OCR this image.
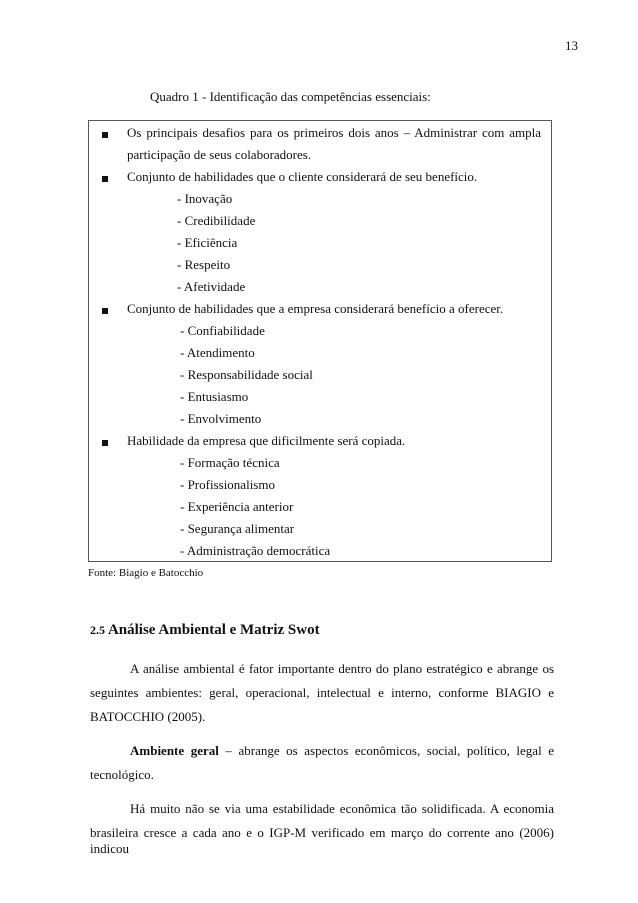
13
Quadro 1 - Identificação das competências essenciais:
Os principais desafios para os primeiros dois anos – Administrar com ampla
participação de seus colaboradores.
Conjunto de habilidades que o cliente considerará de seu benefício.
- Inovação
- Credibilidade
- Eficiência
- Respeito
- Afetividade
Conjunto de habilidades que a empresa considerará benefício a oferecer.
- Confiabilidade
- Atendimento
- Responsabilidade social
- Entusiasmo
- Envolvimento
Habilidade da empresa que dificilmente será copiada.
- Formação técnica
- Profissionalismo
- Experiência anterior
- Segurança alimentar
- Administração democrática
Fonte: Biagio e Batocchio
2.5 Análise Ambiental e Matriz Swot
A análise ambiental é fator importante dentro do plano estratégico e abrange os
seguintes ambientes: geral, operacional, intelectual e interno, conforme BIAGIO e
BATOCCHIO (2005).
Ambiente geral – abrange os aspectos econômicos, social, político, legal e
tecnológico.
Há muito não se via uma estabilidade econômica tão solidificada. A economia
brasileira cresce a cada ano e o IGP-M verificado em março do corrente ano (2006) indicou
